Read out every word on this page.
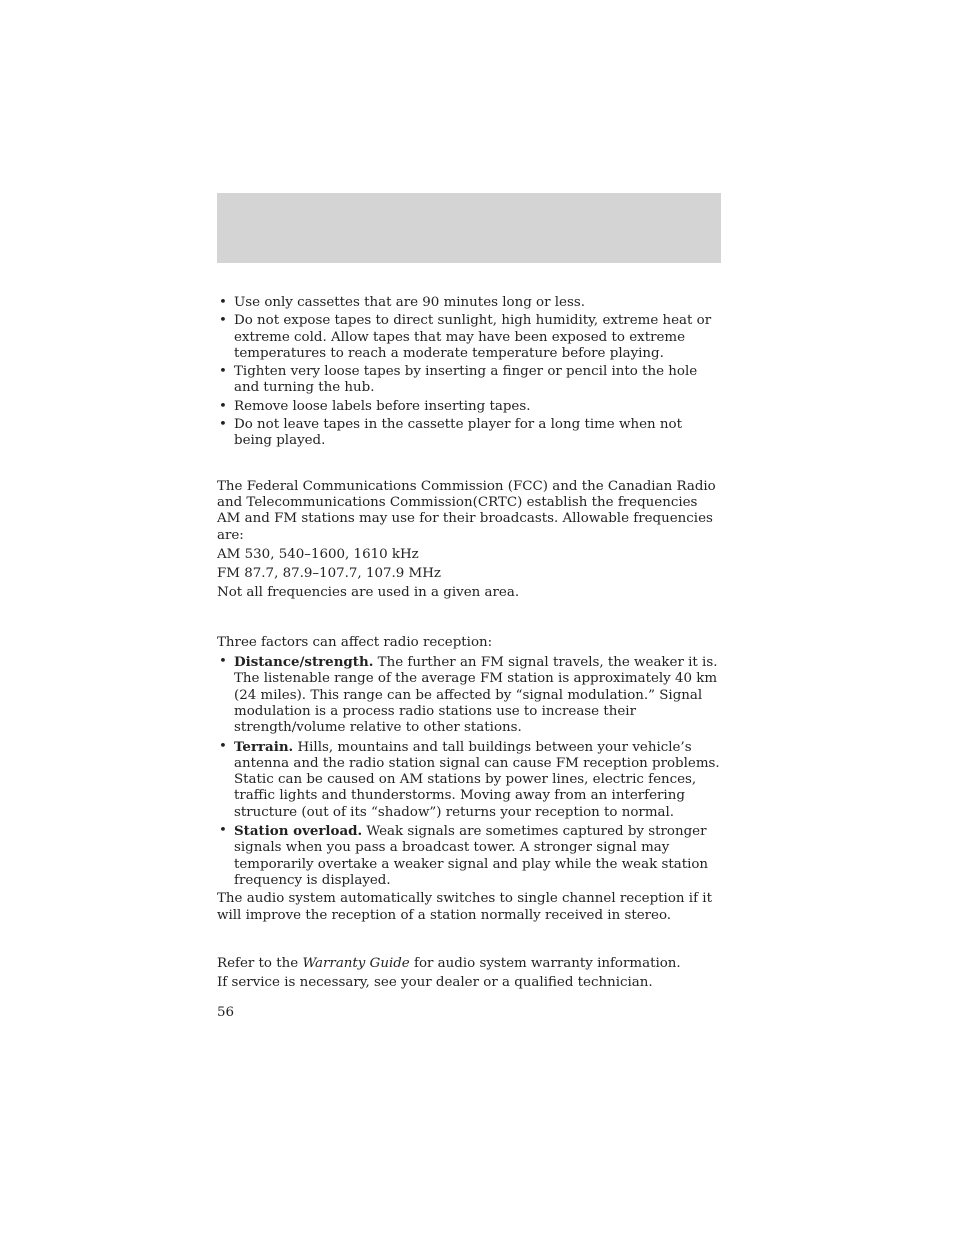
• Use only cassettes that are 90 minutes long or less.
• Do not expose tapes to direct sunlight, high humidity, extreme heat or extreme cold. Allow tapes that may have been exposed to extreme temperatures to reach a moderate temperature before playing.
• Tighten very loose tapes by inserting a finger or pencil into the hole and turning the hub.
• Remove loose labels before inserting tapes.
• Do not leave tapes in the cassette player for a long time when not being played.

The Federal Communications Commission (FCC) and the Canadian Radio and Telecommunications Commission(CRTC) establish the frequencies AM and FM stations may use for their broadcasts. Allowable frequencies are:

AM 530, 540–1600, 1610 kHz

FM 87.7, 87.9–107.7, 107.9 MHz

Not all frequencies are used in a given area.

Three factors can affect radio reception:

• Distance/strength. The further an FM signal travels, the weaker it is. The listenable range of the average FM station is approximately 40 km (24 miles). This range can be affected by “signal modulation.” Signal modulation is a process radio stations use to increase their strength/volume relative to other stations.
• Terrain. Hills, mountains and tall buildings between your vehicle’s antenna and the radio station signal can cause FM reception problems. Static can be caused on AM stations by power lines, electric fences, traffic lights and thunderstorms. Moving away from an interfering structure (out of its “shadow”) returns your reception to normal.
• Station overload. Weak signals are sometimes captured by stronger signals when you pass a broadcast tower. A stronger signal may temporarily overtake a weaker signal and play while the weak station frequency is displayed.

The audio system automatically switches to single channel reception if it will improve the reception of a station normally received in stereo.

Refer to the Warranty Guide for audio system warranty information.

If service is necessary, see your dealer or a qualified technician.

56
